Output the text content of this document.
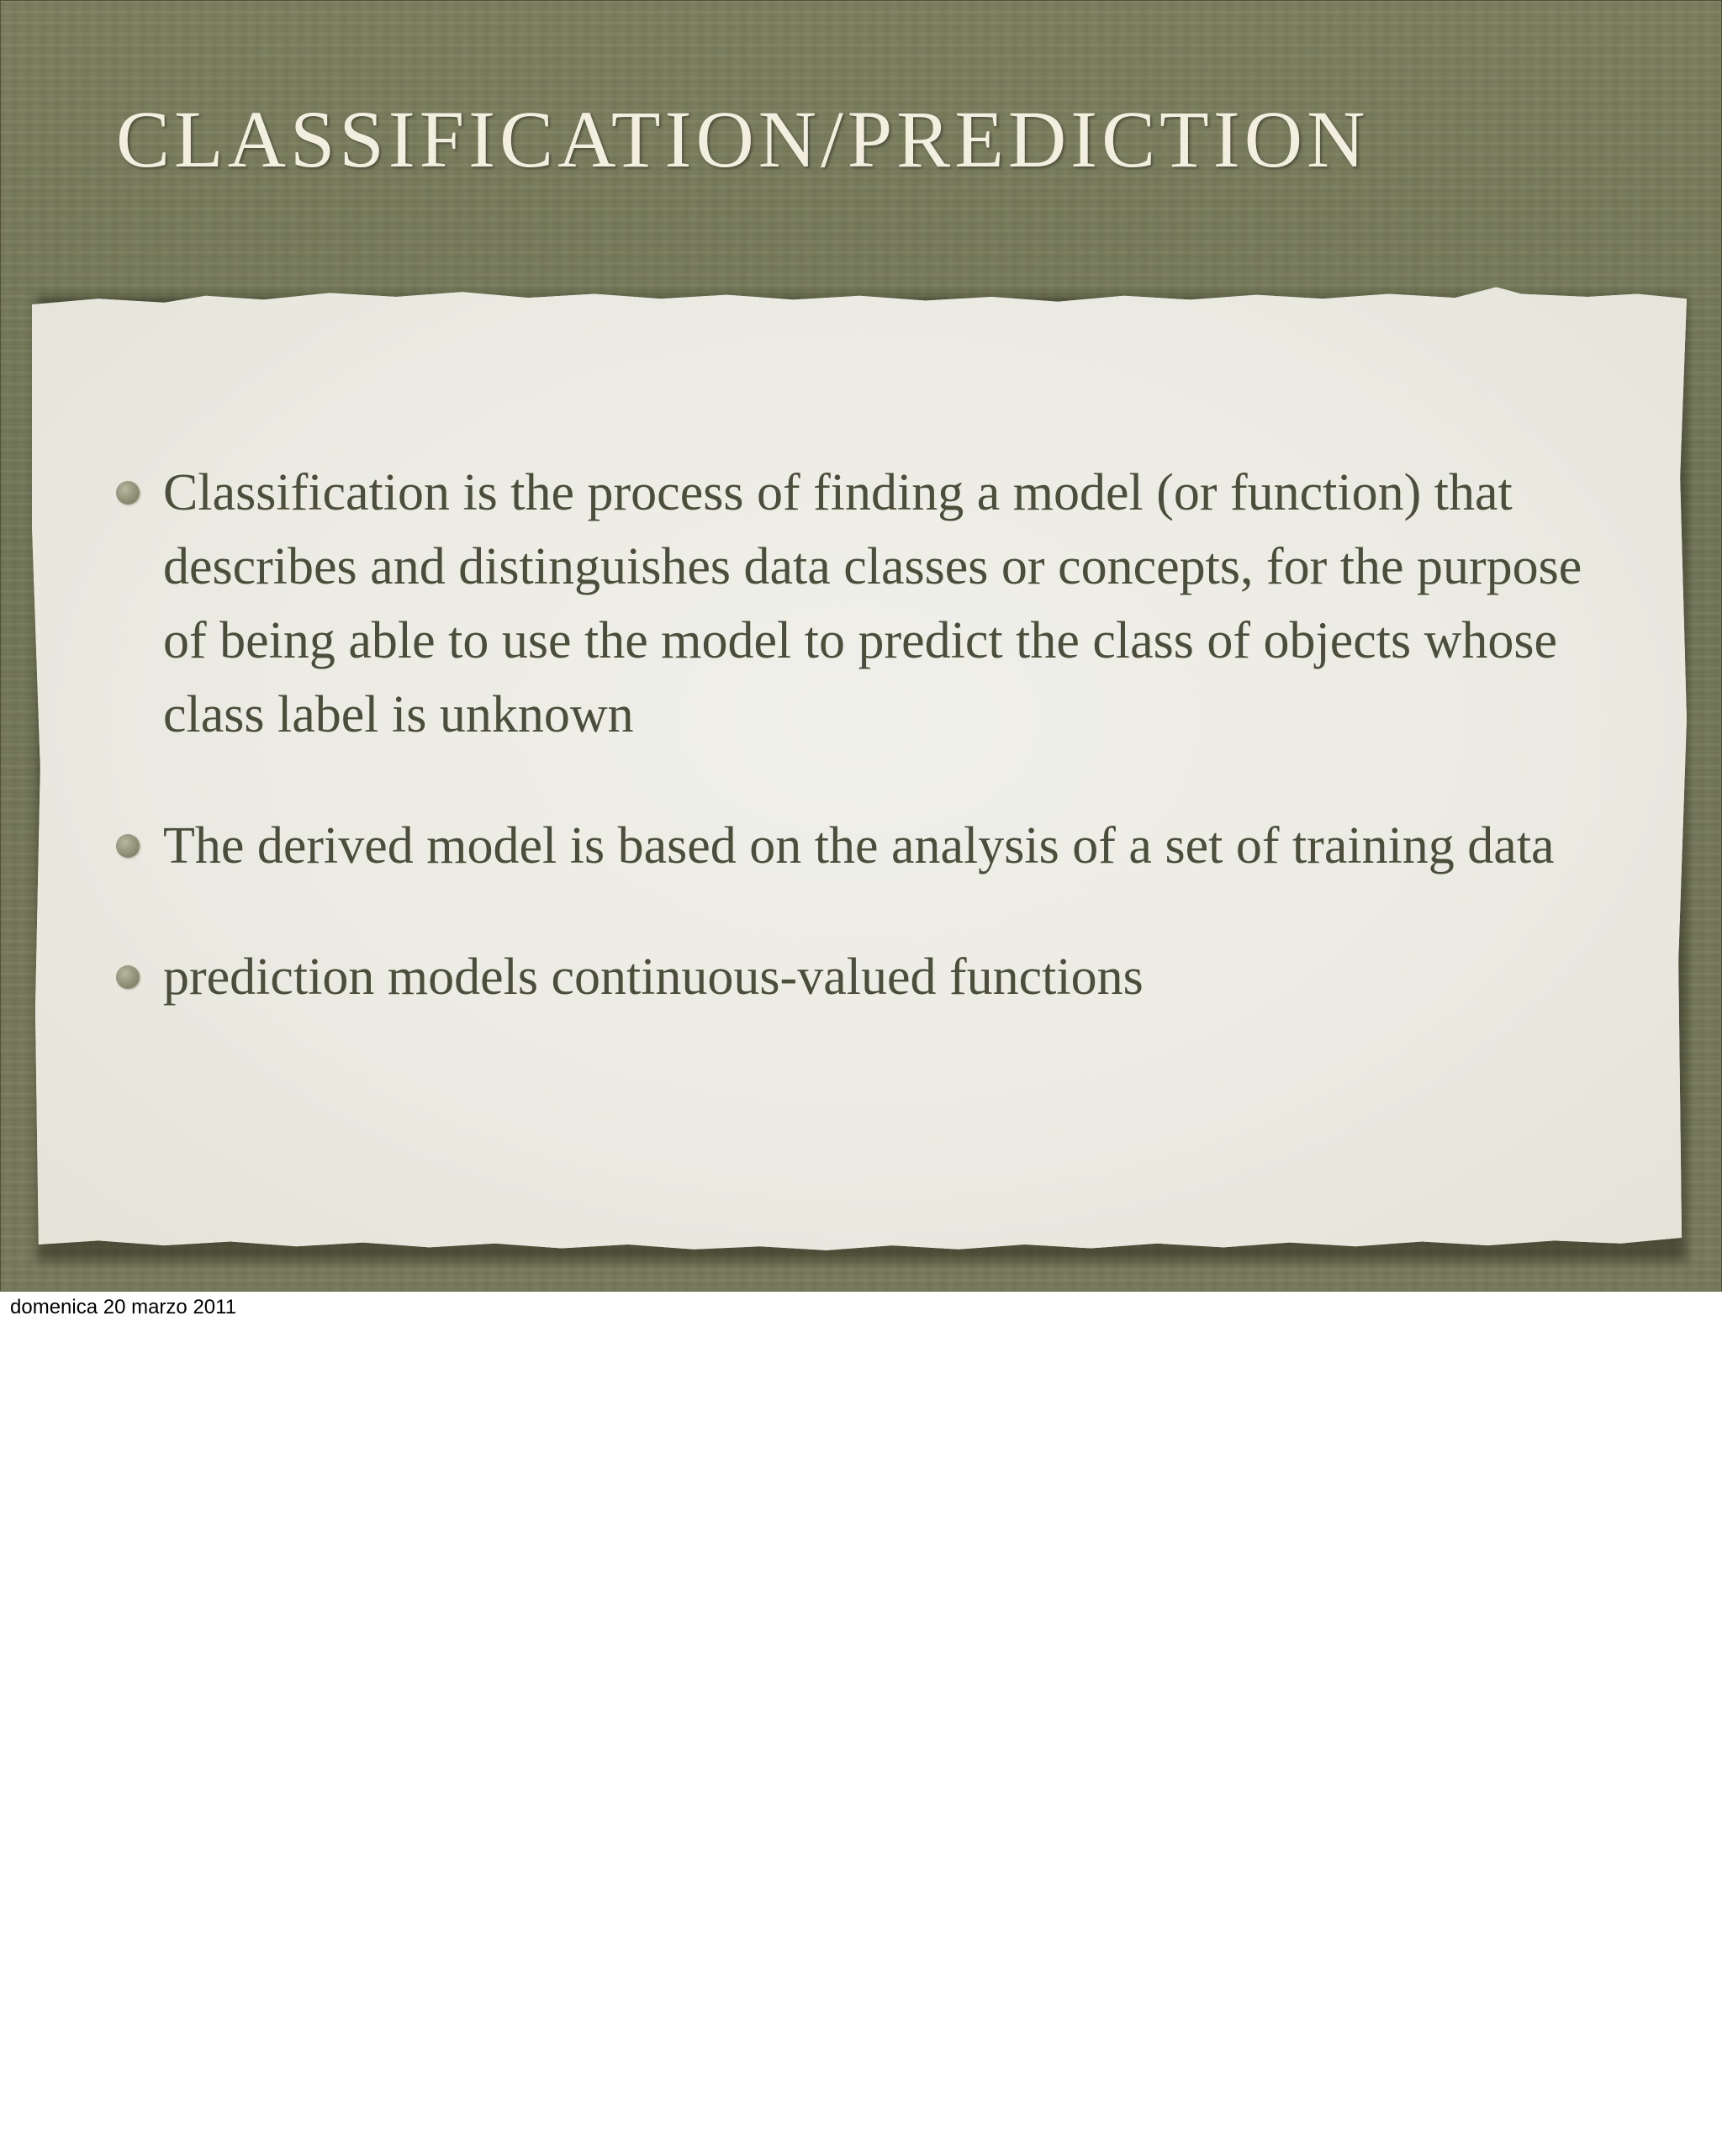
CLASSIFICATION/PREDICTION
Classification is the process of finding a model (or function) that describes and distinguishes data classes or concepts, for the purpose of being able to use the model to predict the class of objects whose class label is unknown
The derived model is based on the analysis of a set of training data
prediction models continuous-valued functions
domenica 20 marzo 2011
